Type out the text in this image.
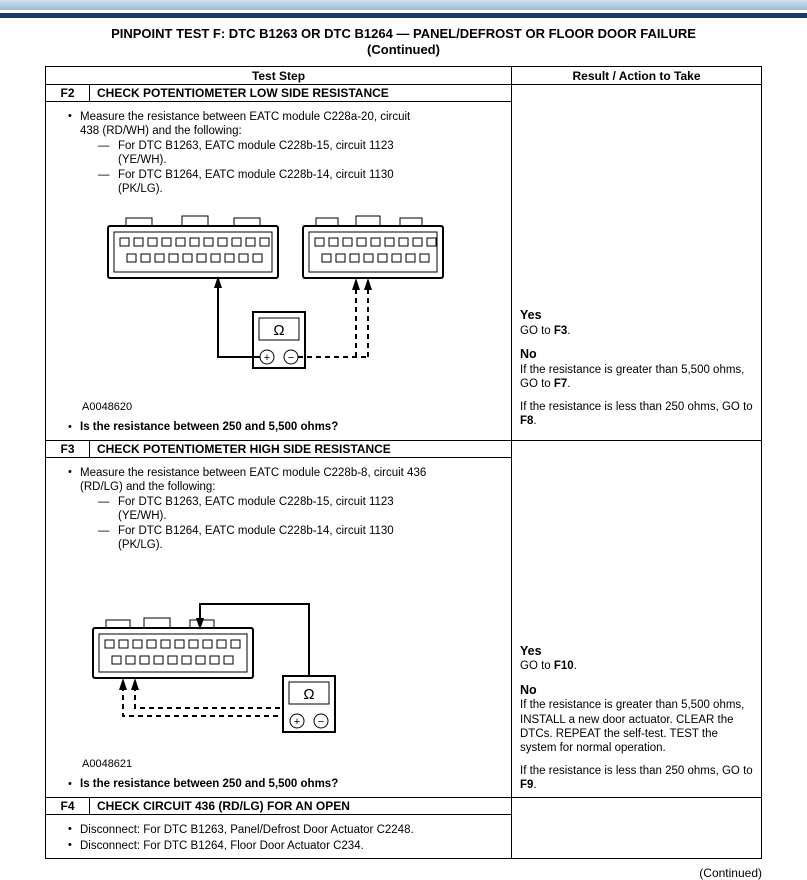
PINPOINT TEST F: DTC B1263 OR DTC B1264 — PANEL/DEFROST OR FLOOR DOOR FAILURE
(Continued)
Test Step	Result / Action to Take
F2	CHECK POTENTIOMETER LOW SIDE RESISTANCE
• Measure the resistance between EATC module C228a-20, circuit 438 (RD/WH) and the following:
— For DTC B1263, EATC module C228b-15, circuit 1123 (YE/WH).
— For DTC B1264, EATC module C228b-14, circuit 1130 (PK/LG).
Ω
+ −
A0048620
• Is the resistance between 250 and 5,500 ohms?
Yes
GO to F3.
No
If the resistance is greater than 5,500 ohms, GO to F7.
If the resistance is less than 250 ohms, GO to F8.
F3	CHECK POTENTIOMETER HIGH SIDE RESISTANCE
• Measure the resistance between EATC module C228b-8, circuit 436 (RD/LG) and the following:
— For DTC B1263, EATC module C228b-15, circuit 1123 (YE/WH).
— For DTC B1264, EATC module C228b-14, circuit 1130 (PK/LG).
Ω
+ −
A0048621
• Is the resistance between 250 and 5,500 ohms?
Yes
GO to F10.
No
If the resistance is greater than 5,500 ohms, INSTALL a new door actuator. CLEAR the DTCs. REPEAT the self-test. TEST the system for normal operation.
If the resistance is less than 250 ohms, GO to F9.
F4	CHECK CIRCUIT 436 (RD/LG) FOR AN OPEN
• Disconnect: For DTC B1263, Panel/Defrost Door Actuator C2248.
• Disconnect: For DTC B1264, Floor Door Actuator C234.
(Continued)
